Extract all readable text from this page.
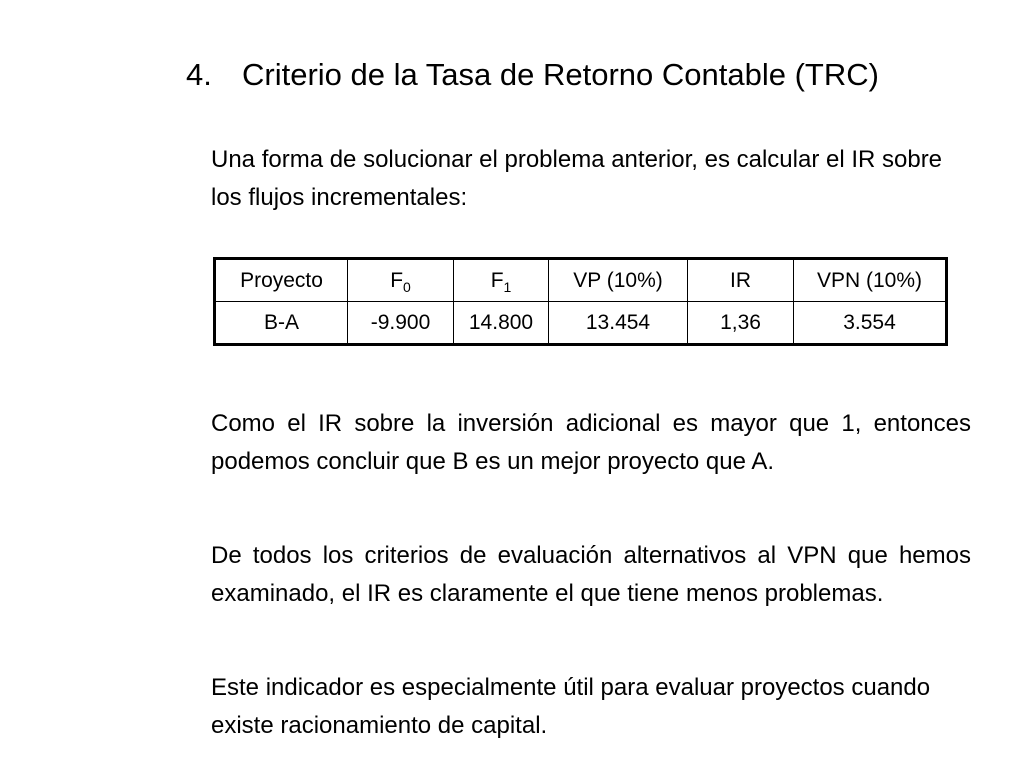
4. Criterio de la Tasa de Retorno Contable (TRC)

Una forma de solucionar el problema anterior, es calcular el IR sobre los flujos incrementales:

Proyecto	$F_0$	$F_1$	VP (10%)	IR	VPN (10%)
B-A	-9.900	14.800	13.454	1,36	3.554

Como el IR sobre la inversión adicional es mayor que 1, entonces podemos concluir que B es un mejor proyecto que A.

De todos los criterios de evaluación alternativos al VPN que hemos examinado, el IR es claramente el que tiene menos problemas.

Este indicador es especialmente útil para evaluar proyectos cuando existe racionamiento de capital.
